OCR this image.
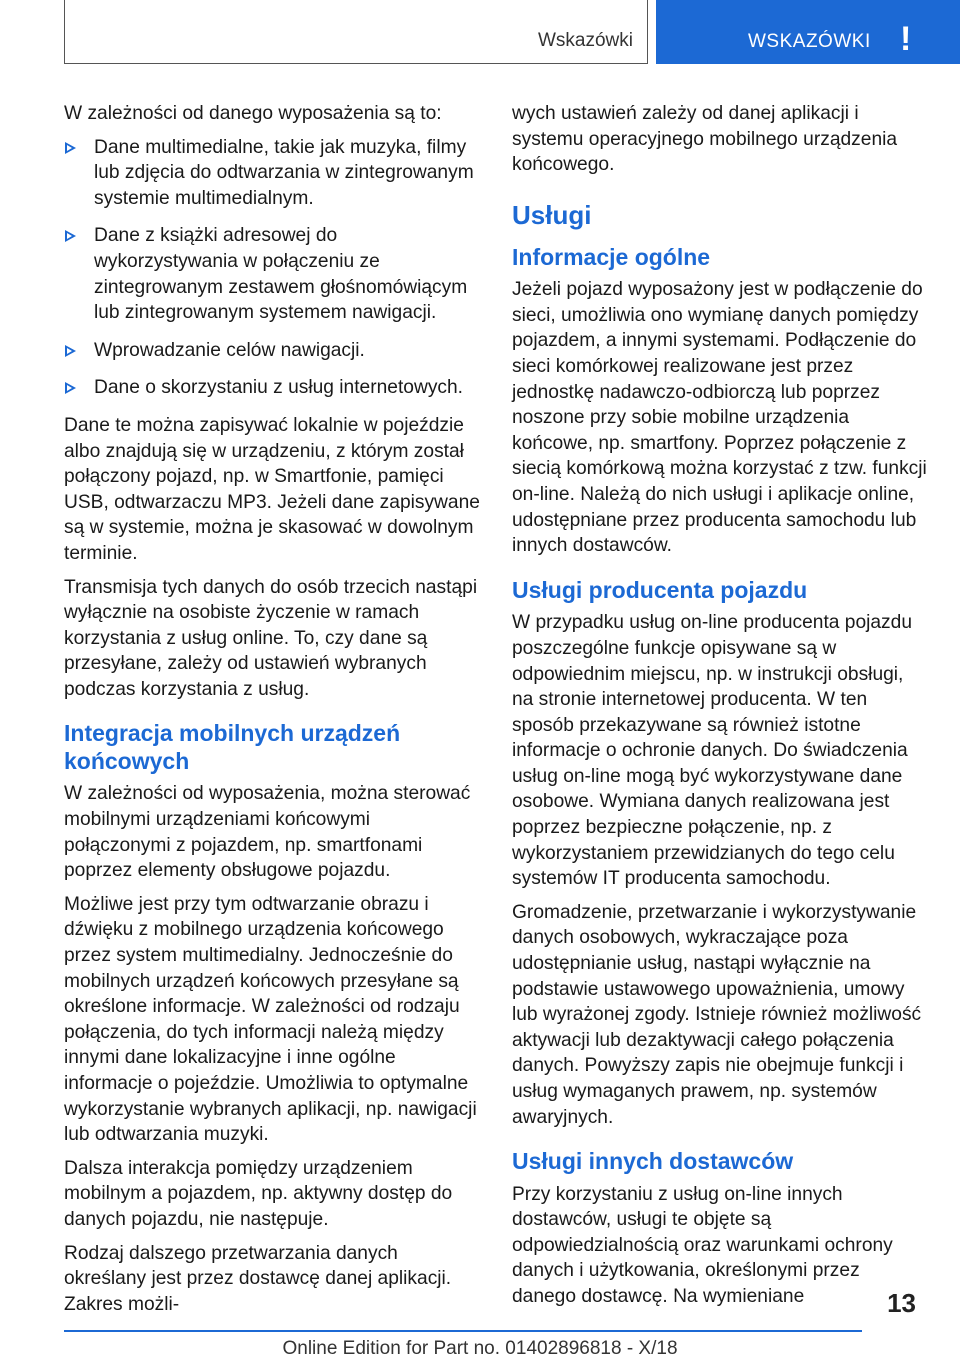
Wskazówki	WSKAZÓWKI !

W zależności od danego wyposażenia są to:

Dane multimedialne, takie jak muzyka, filmy lub zdjęcia do odtwarzania w zintegrowanym systemie multimedialnym.
Dane z książki adresowej do wykorzystywania w połączeniu ze zintegrowanym zestawem głośnomówiącym lub zintegrowanym systemem nawigacji.
Wprowadzanie celów nawigacji.
Dane o skorzystaniu z usług internetowych.

Dane te można zapisywać lokalnie w pojeździe albo znajdują się w urządzeniu, z którym został połączony pojazd, np. w Smartfonie, pamięci USB, odtwarzaczu MP3. Jeżeli dane zapisywane są w systemie, można je skasować w dowolnym terminie.

Transmisja tych danych do osób trzecich nastąpi wyłącznie na osobiste życzenie w ramach korzystania z usług online. To, czy dane są przesyłane, zależy od ustawień wybranych podczas korzystania z usług.

Integracja mobilnych urządzeń końcowych

W zależności od wyposażenia, można sterować mobilnymi urządzeniami końcowymi połączonymi z pojazdem, np. smartfonami poprzez elementy obsługowe pojazdu.

Możliwe jest przy tym odtwarzanie obrazu i dźwięku z mobilnego urządzenia końcowego przez system multimedialny. Jednocześnie do mobilnych urządzeń końcowych przesyłane są określone informacje. W zależności od rodzaju połączenia, do tych informacji należą między innymi dane lokalizacyjne i inne ogólne informacje o pojeździe. Umożliwia to optymalne wykorzystanie wybranych aplikacji, np. nawigacji lub odtwarzania muzyki.

Dalsza interakcja pomiędzy urządzeniem mobilnym a pojazdem, np. aktywny dostęp do danych pojazdu, nie następuje.

Rodzaj dalszego przetwarzania danych określany jest przez dostawcę danej aplikacji. Zakres możli-

wych ustawień zależy od danej aplikacji i systemu operacyjnego mobilnego urządzenia końcowego.

Usługi
Informacje ogólne

Jeżeli pojazd wyposażony jest w podłączenie do sieci, umożliwia ono wymianę danych pomiędzy pojazdem, a innymi systemami. Podłączenie do sieci komórkowej realizowane jest przez jednostkę nadawczo-odbiorczą lub poprzez noszone przy sobie mobilne urządzenia końcowe, np. smartfony. Poprzez połączenie z siecią komórkową można korzystać z tzw. funkcji on-line. Należą do nich usługi i aplikacje online, udostępniane przez producenta samochodu lub innych dostawców.

Usługi producenta pojazdu

W przypadku usług on-line producenta pojazdu poszczególne funkcje opisywane są w odpowiednim miejscu, np. w instrukcji obsługi, na stronie internetowej producenta. W ten sposób przekazywane są również istotne informacje o ochronie danych. Do świadczenia usług on-line mogą być wykorzystywane dane osobowe. Wymiana danych realizowana jest poprzez bezpieczne połączenie, np. z wykorzystaniem przewidzianych do tego celu systemów IT producenta samochodu.

Gromadzenie, przetwarzanie i wykorzystywanie danych osobowych, wykraczające poza udostępnianie usług, nastąpi wyłącznie na podstawie ustawowego upoważnienia, umowy lub wyrażonej zgody. Istnieje również możliwość aktywacji lub dezaktywacji całego połączenia danych. Powyższy zapis nie obejmuje funkcji i usług wymaganych prawem, np. systemów awaryjnych.

Usługi innych dostawców

Przy korzystaniu z usług on-line innych dostawców, usługi te objęte są odpowiedzialnością oraz warunkami ochrony danych i użytkowania, określonymi przez danego dostawcę. Na wymieniane	13
Online Edition for Part no. 01402896818 - X/18
